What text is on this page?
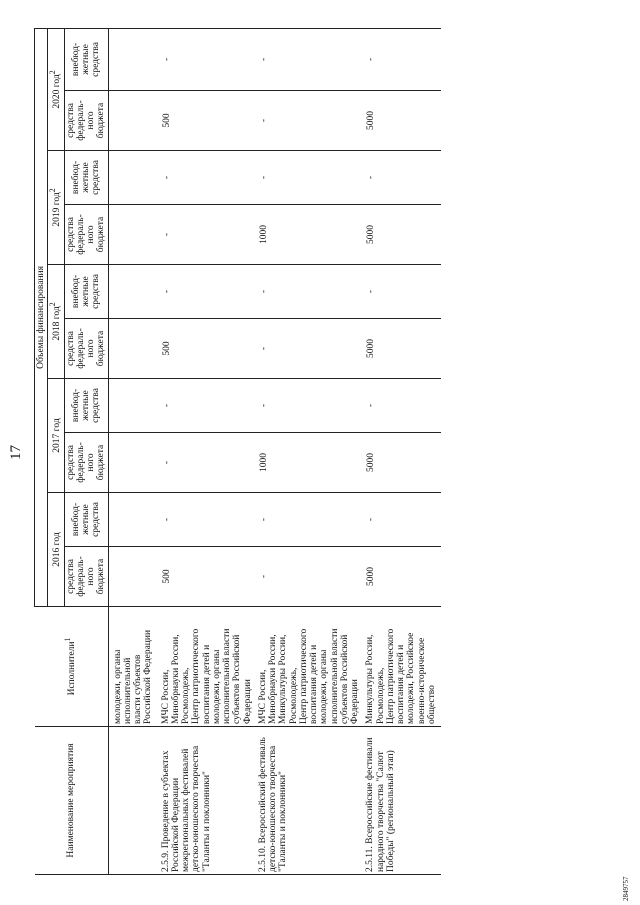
17
Наименование мероприятия	Исполнители$^1$	Объемы финансирования									
		2016 год		2017 год		2018 год$^2$		2019 год$^2$		2020 год$^2$
		средства
федераль-
ного
бюджета	внебюд-
жетные
средства	средства
федераль-
ного
бюджета	внебюд-
жетные
средства	средства
федераль-
ного
бюджета	внебюд-
жетные
средства	средства
федераль-
ного
бюджета	внебюд-
жетные
средства	средства
федераль-
ного
бюджета	внебюд-
жетные
средства
	молодежи, органы
исполнительной
власти субъектов
Российской Федерации										
2.5.9. Проведение в субъектах Российской Федерации межрегиональных фестивалей детско-юношеского творчества "Таланты и поклонники"	МЧС России,
Минобрнауки России,
Росмолодежь,
Центр патриотического воспитания детей и молодежи, органы исполнительной власти субъектов Российской Федерации	500	-	-	-	500	-	-	-	500	-
2.5.10. Всероссийский фестиваль детско-юношеского творчества "Таланты и поклонники"	МЧС России,
Минобрнауки России,
Минкультуры России,
Росмолодежь,
Центр патриотического воспитания детей и молодежи, органы исполнительной власти субъектов Российской Федерации	-	-	1000	-	-	-	1000	-	-	-
2.5.11. Всероссийские фестивали народного творчества "Салют Победы" (региональный этап)	Минкультуры России,
Росмолодежь,
Центр патриотического воспитания детей и молодежи, Российское военно-историческое общество	5000	-	5000	-	5000	-	5000	-	5000	-
2849757
